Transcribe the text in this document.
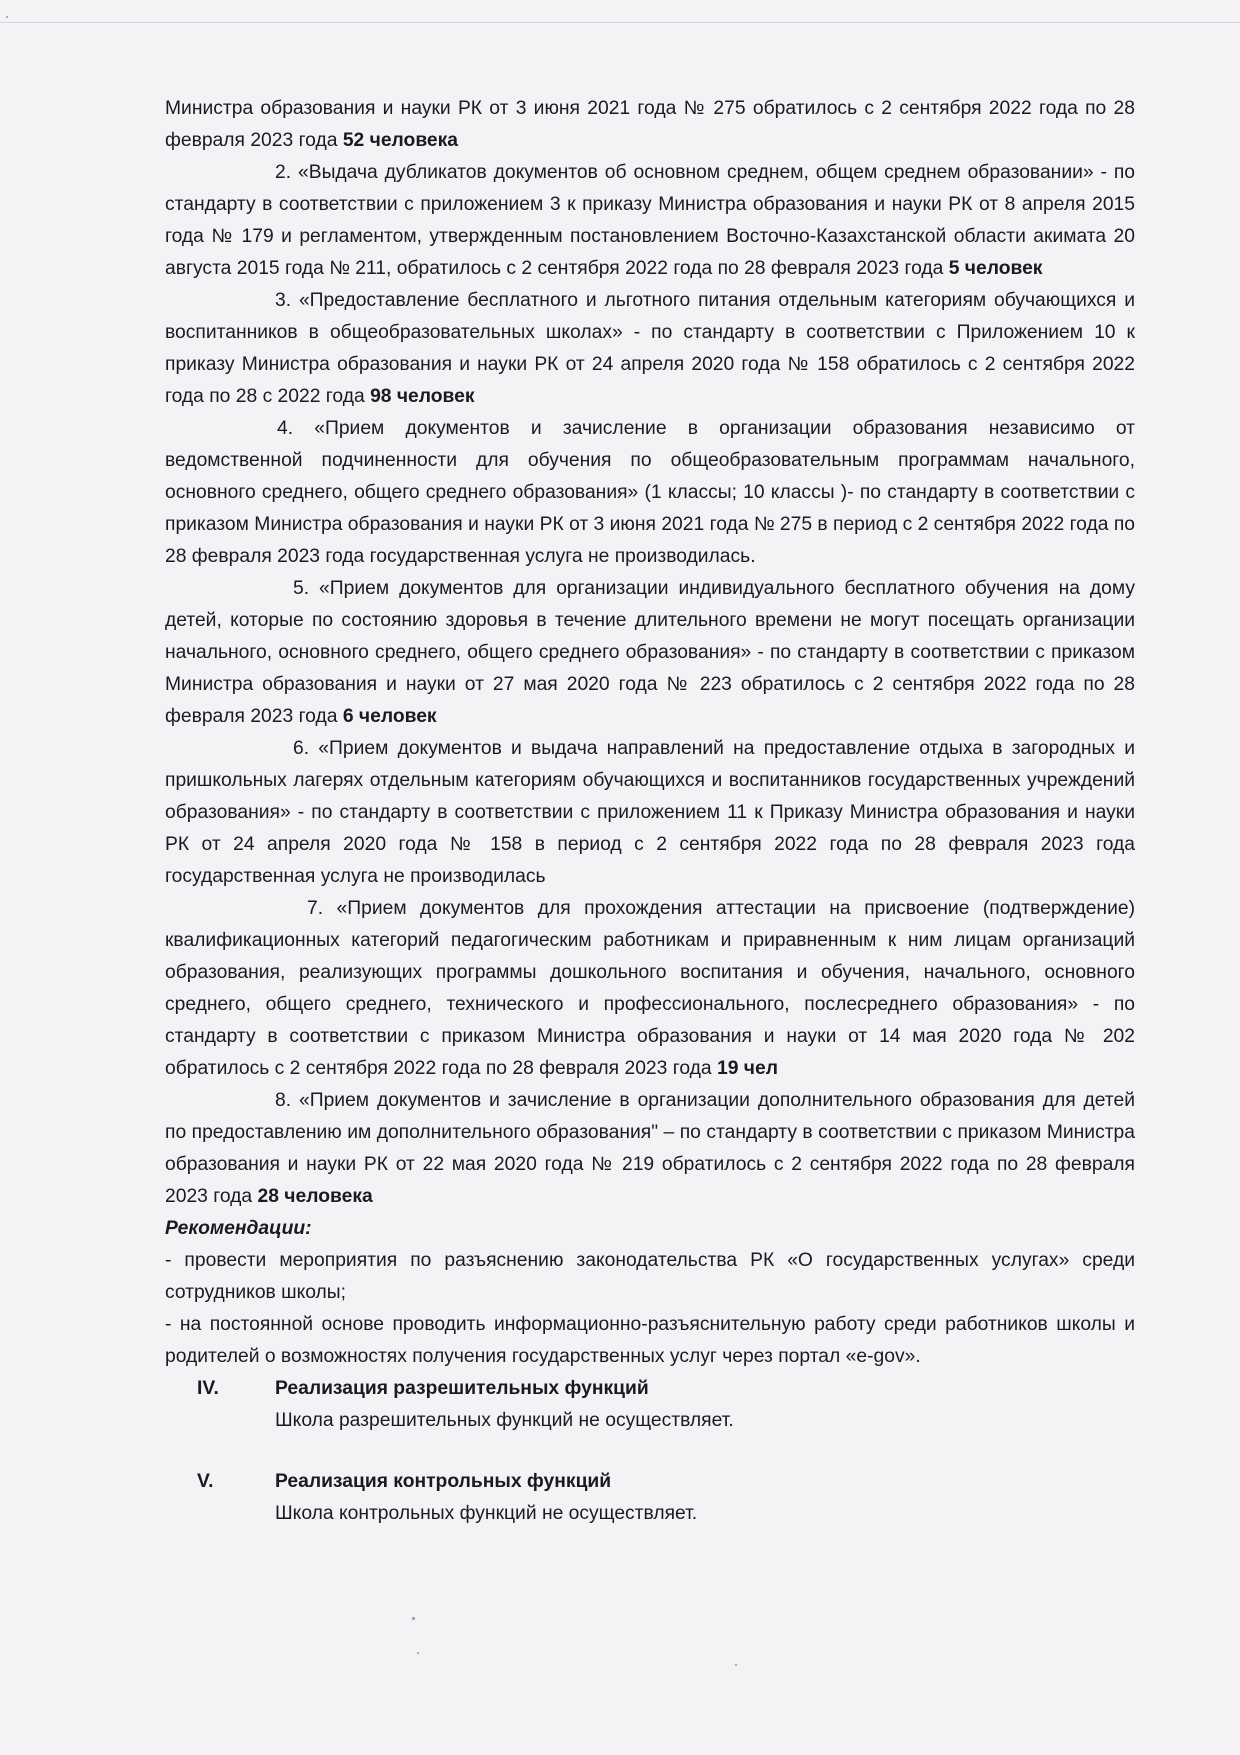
Министра образования и науки РК от 3 июня 2021 года № 275 обратилось с 2 сентября 2022 года по 28 февраля 2023 года 52 человека

2. «Выдача дубликатов документов об основном среднем, общем среднем образовании» - по стандарту в соответствии с приложением 3 к приказу Министра образования и науки РК от 8 апреля 2015 года № 179 и регламентом, утвержденным постановлением Восточно-Казахстанской области акимата 20 августа 2015 года № 211, обратилось с 2 сентября 2022 года по 28 февраля 2023 года 5 человек

3. «Предоставление бесплатного и льготного питания отдельным категориям обучающихся и воспитанников в общеобразовательных школах» - по стандарту в соответствии с Приложением 10 к приказу Министра образования и науки РК от 24 апреля 2020 года № 158 обратилось с 2 сентября 2022 года по 28 с 2022 года 98 человек

4. «Прием документов и зачисление в организации образования независимо от ведомственной подчиненности для обучения по общеобразовательным программам начального, основного среднего, общего среднего образования» (1 классы; 10 классы )- по стандарту в соответствии с приказом Министра образования и науки РК от 3 июня 2021 года № 275 в период с 2 сентября 2022 года по 28 февраля 2023 года государственная услуга не производилась.

5. «Прием документов для организации индивидуального бесплатного обучения на дому детей, которые по состоянию здоровья в течение длительного времени не могут посещать организации начального, основного среднего, общего среднего образования» - по стандарту в соответствии с приказом Министра образования и науки от 27 мая 2020 года № 223 обратилось с 2 сентября 2022 года по 28 февраля 2023 года 6 человек

6. «Прием документов и выдача направлений на предоставление отдыха в загородных и пришкольных лагерях отдельным категориям обучающихся и воспитанников государственных учреждений образования» - по стандарту в соответствии с приложением 11 к Приказу Министра образования и науки РК от 24 апреля 2020 года № 158 в период с 2 сентября 2022 года по 28 февраля 2023 года государственная услуга не производилась

7. «Прием документов для прохождения аттестации на присвоение (подтверждение) квалификационных категорий педагогическим работникам и приравненным к ним лицам организаций образования, реализующих программы дошкольного воспитания и обучения, начального, основного среднего, общего среднего, технического и профессионального, послесреднего образования» - по стандарту в соответствии с приказом Министра образования и науки от 14 мая 2020 года № 202 обратилось с 2 сентября 2022 года по 28 февраля 2023 года 19 чел

8. «Прием документов и зачисление в организации дополнительного образования для детей по предоставлению им дополнительного образования" – по стандарту в соответствии с приказом Министра образования и науки РК от 22 мая 2020 года № 219 обратилось с 2 сентября 2022 года по 28 февраля 2023 года 28 человека

Рекомендации:

- провести мероприятия по разъяснению законодательства РК «О государственных услугах» среди сотрудников школы;

- на постоянной основе проводить информационно-разъяснительную работу среди работников школы и родителей о возможностях получения государственных услуг через портал «e-gov».

IV.	Реализация разрешительных функций
Школа разрешительных функций не осуществляет.
V.	Реализация контрольных функций
Школа контрольных функций не осуществляет.
